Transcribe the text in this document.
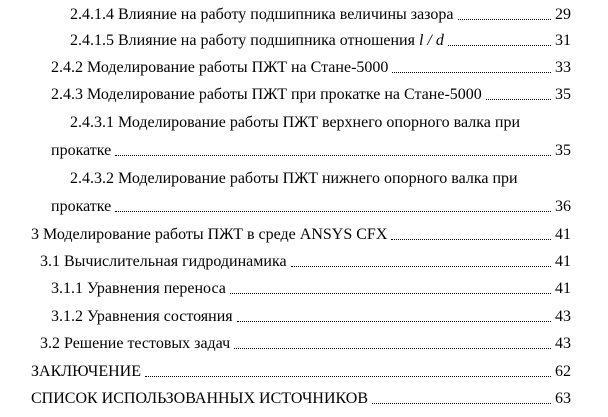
2.4.1.4 Влияние на работу подшипника величины зазора	29
2.4.1.5 Влияние на работу подшипника отношения l / d	31
2.4.2 Моделирование работы ПЖТ на Стане-5000	33
2.4.3 Моделирование работы ПЖТ при прокатке на Стане-5000	35
2.4.3.1 Моделирование работы ПЖТ верхнего опорного валка при
прокатке	35
2.4.3.2 Моделирование работы ПЖТ нижнего опорного валка при
прокатке	36
3 Моделирование работы ПЖТ в среде ANSYS CFX	41
3.1 Вычислительная гидродинамика	41
3.1.1 Уравнения переноса	41
3.1.2 Уравнения состояния	43
3.2 Решение тестовых задач	43
ЗАКЛЮЧЕНИЕ	62
СПИСОК ИСПОЛЬЗОВАННЫХ ИСТОЧНИКОВ	63
